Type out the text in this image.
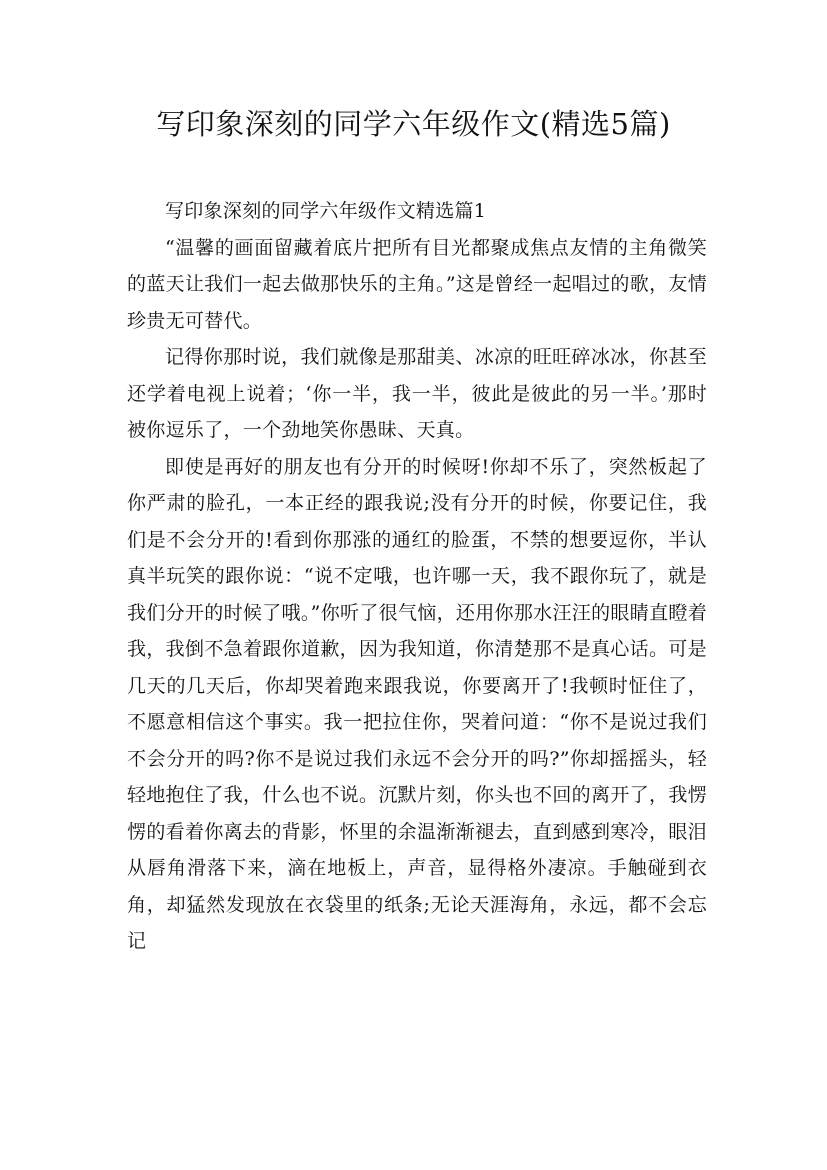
写印象深刻的同学六年级作文(精选5篇)
写印象深刻的同学六年级作文精选篇1

“温馨的画面留藏着底片把所有目光都聚成焦点友情的主角微笑的蓝天让我们一起去做那快乐的主角。”这是曾经一起唱过的歌，友情珍贵无可替代。

记得你那时说，我们就像是那甜美、冰凉的旺旺碎冰冰，你甚至还学着电视上说着；‘你一半，我一半，彼此是彼此的另一半。’那时被你逗乐了，一个劲地笑你愚昧、天真。

即使是再好的朋友也有分开的时候呀!你却不乐了，突然板起了你严肃的脸孔，一本正经的跟我说;没有分开的时候，你要记住，我们是不会分开的!看到你那涨的通红的脸蛋，不禁的想要逗你，半认真半玩笑的跟你说：“说不定哦，也许哪一天，我不跟你玩了，就是我们分开的时候了哦。”你听了很气恼，还用你那水汪汪的眼睛直瞪着我，我倒不急着跟你道歉，因为我知道，你清楚那不是真心话。可是几天的几天后，你却哭着跑来跟我说，你要离开了!我顿时怔住了，不愿意相信这个事实。我一把拉住你，哭着问道：“你不是说过我们不会分开的吗?你不是说过我们永远不会分开的吗?”你却摇摇头，轻轻地抱住了我，什么也不说。沉默片刻，你头也不回的离开了，我愣愣的看着你离去的背影，怀里的余温渐渐褪去，直到感到寒冷，眼泪从唇角滑落下来，滴在地板上，声音，显得格外凄凉。手触碰到衣角，却猛然发现放在衣袋里的纸条;无论天涯海角，永远，都不会忘记
